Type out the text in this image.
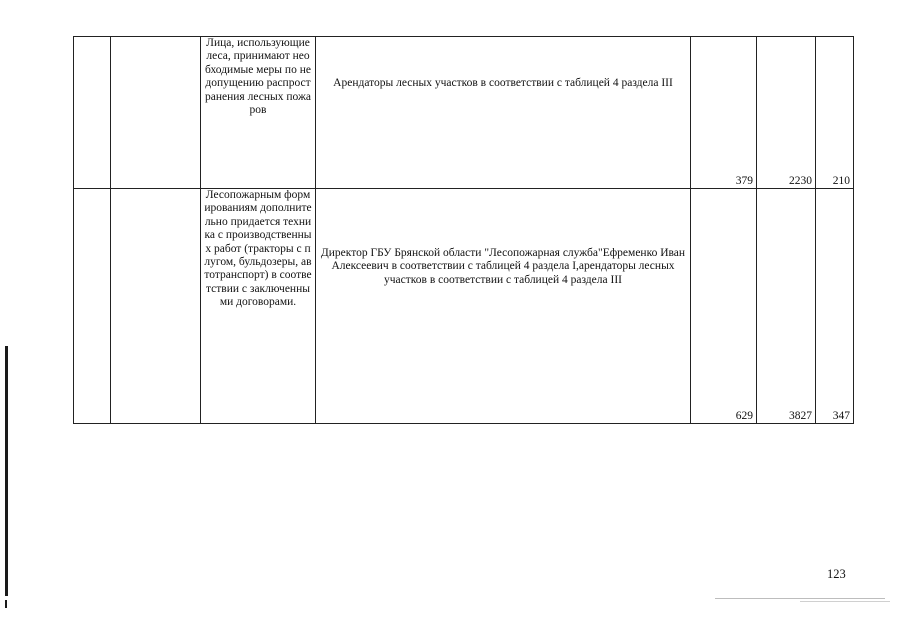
		Лица, использующие леса, принимают необходимые меры по недопущению распространения лесных пожаров	Арендаторы лесных участков в соответствии с таблицей 4 раздела III	379	2230	210
		Лесопожарным формированиям дополнительно придается техника с производственных работ (тракторы с плугом, бульдозеры, автотранспорт) в соответствии с заключенными договорами.	Директор ГБУ Брянской области "Лесопожарная служба"Ефременко Иван Алексеевич в соответствии с таблицей 4 раздела I,арендаторы лесных участков в соответствии с таблицей 4 раздела III	629	3827	347
123
